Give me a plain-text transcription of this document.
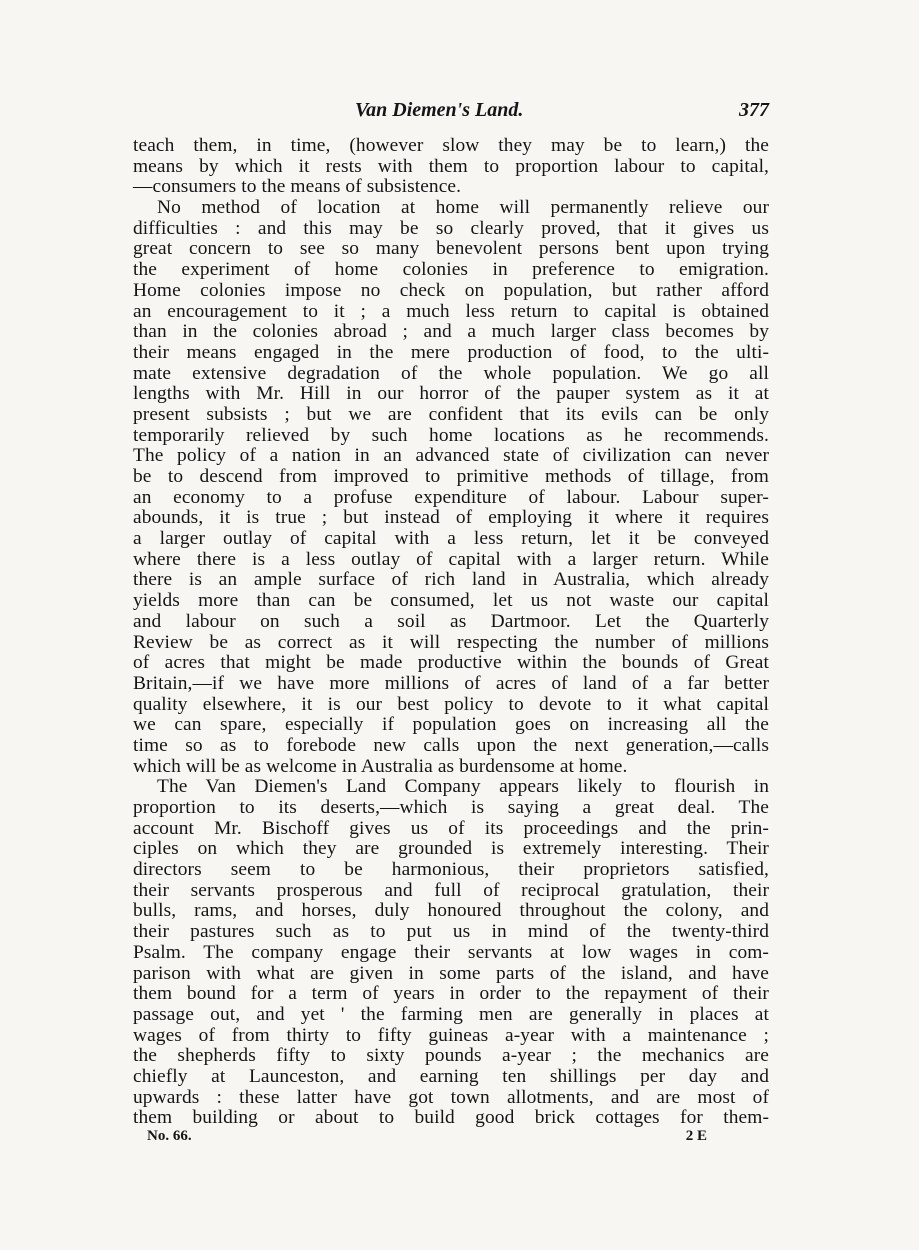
Van Diemen's Land.	377
teach them, in time, (however slow they may be to learn,) the
means by which it rests with them to proportion labour to capital,
—consumers to the means of subsistence.
No method of location at home will permanently relieve our
difficulties : and this may be so clearly proved, that it gives us
great concern to see so many benevolent persons bent upon trying
the experiment of home colonies in preference to emigration.
Home colonies impose no check on population, but rather afford
an encouragement to it ; a much less return to capital is obtained
than in the colonies abroad ; and a much larger class becomes by
their means engaged in the mere production of food, to the ulti-
mate extensive degradation of the whole population. We go all
lengths with Mr. Hill in our horror of the pauper system as it at
present subsists ; but we are confident that its evils can be only
temporarily relieved by such home locations as he recommends.
The policy of a nation in an advanced state of civilization can never
be to descend from improved to primitive methods of tillage, from
an economy to a profuse expenditure of labour. Labour super-
abounds, it is true ; but instead of employing it where it requires
a larger outlay of capital with a less return, let it be conveyed
where there is a less outlay of capital with a larger return. While
there is an ample surface of rich land in Australia, which already
yields more than can be consumed, let us not waste our capital
and labour on such a soil as Dartmoor. Let the Quarterly
Review be as correct as it will respecting the number of millions
of acres that might be made productive within the bounds of Great
Britain,—if we have more millions of acres of land of a far better
quality elsewhere, it is our best policy to devote to it what capital
we can spare, especially if population goes on increasing all the
time so as to forebode new calls upon the next generation,—calls
which will be as welcome in Australia as burdensome at home.
The Van Diemen's Land Company appears likely to flourish in
proportion to its deserts,—which is saying a great deal. The
account Mr. Bischoff gives us of its proceedings and the prin-
ciples on which they are grounded is extremely interesting. Their
directors seem to be harmonious, their proprietors satisfied,
their servants prosperous and full of reciprocal gratulation, their
bulls, rams, and horses, duly honoured throughout the colony, and
their pastures such as to put us in mind of the twenty-third
Psalm. The company engage their servants at low wages in com-
parison with what are given in some parts of the island, and have
them bound for a term of years in order to the repayment of their
passage out, and yet ' the farming men are generally in places at
wages of from thirty to fifty guineas a-year with a maintenance ;
the shepherds fifty to sixty pounds a-year ; the mechanics are
chiefly at Launceston, and earning ten shillings per day and
upwards : these latter have got town allotments, and are most of
them building or about to build good brick cottages for them-
No. 66.	2 E
